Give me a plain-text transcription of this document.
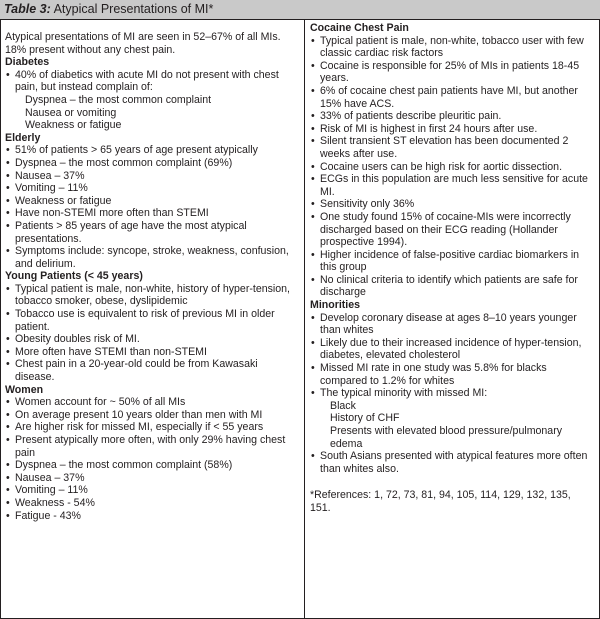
Table 3: Atypical Presentations of MI*

Atypical presentations of MI are seen in 52–67% of all MIs.

18% present without any chest pain.

Diabetes

• 40% of diabetics with acute MI do not present with chest pain, but instead complain of:
Dyspnea – the most common complaint
Nausea or vomiting
Weakness or fatigue

Elderly

• 51% of patients > 65 years of age present atypically
• Dyspnea – the most common complaint (69%)
• Nausea – 37%
• Vomiting – 11%
• Weakness or fatigue
• Have non-STEMI more often than STEMI
• Patients > 85 years of age have the most atypical presentations.
• Symptoms include: syncope, stroke, weakness, confusion, and delirium.

Young Patients (< 45 years)

• Typical patient is male, non-white, history of hyper-tension, tobacco smoker, obese, dyslipidemic
• Tobacco use is equivalent to risk of previous MI in older patient.
• Obesity doubles risk of MI.
• More often have STEMI than non-STEMI
• Chest pain in a 20-year-old could be from Kawasaki disease.

Women

• Women account for ~ 50% of all MIs
• On average present 10 years older than men with MI
• Are higher risk for missed MI, especially if < 55 years
• Present atypically more often, with only 29% having chest pain
• Dyspnea – the most common complaint (58%)
• Nausea – 37%
• Vomiting – 11%
• Weakness - 54%
• Fatigue - 43%

Cocaine Chest Pain

• Typical patient is male, non-white, tobacco user with few classic cardiac risk factors
• Cocaine is responsible for 25% of MIs in patients 18-45 years.
• 6% of cocaine chest pain patients have MI, but another 15% have ACS.
• 33% of patients describe pleuritic pain.
• Risk of MI is highest in first 24 hours after use.
• Silent transient ST elevation has been documented 2 weeks after use.
• Cocaine users can be high risk for aortic dissection.
• ECGs in this population are much less sensitive for acute MI.
• Sensitivity only 36%
• One study found 15% of cocaine-MIs were incorrectly discharged based on their ECG reading (Hollander prospective 1994).
• Higher incidence of false-positive cardiac biomarkers in this group
• No clinical criteria to identify which patients are safe for discharge

Minorities

• Develop coronary disease at ages 8–10 years younger than whites
• Likely due to their increased incidence of hyper-tension, diabetes, elevated cholesterol
• Missed MI rate in one study was 5.8% for blacks compared to 1.2% for whites
• The typical minority with missed MI:
Black
History of CHF
Presents with elevated blood pressure/pulmonary edema
• South Asians presented with atypical features more often than whites also.

*References: 1, 72, 73, 81, 94, 105, 114, 129, 132, 135, 151.
